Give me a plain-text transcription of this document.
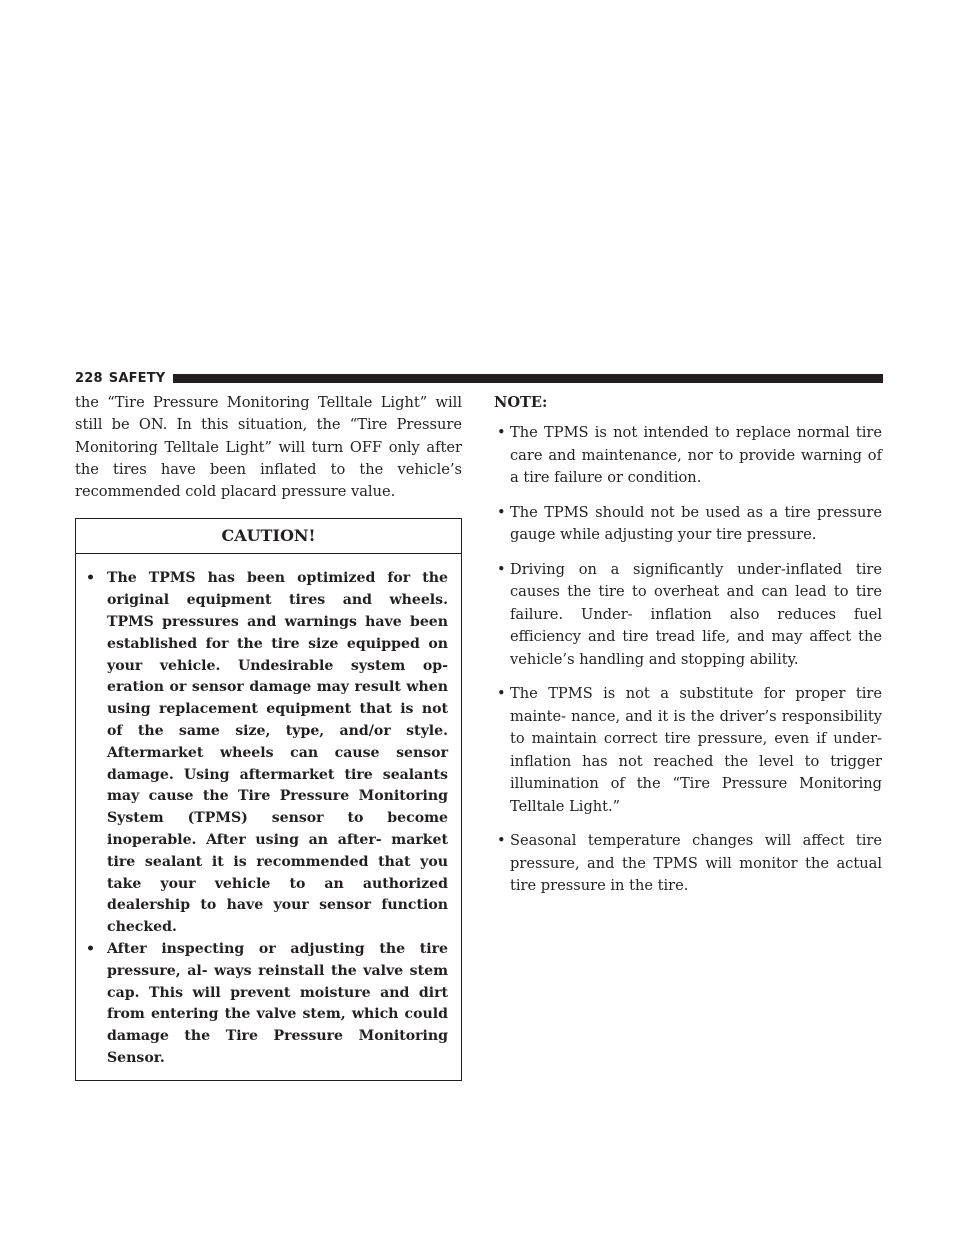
228 SAFETY

the “Tire Pressure Monitoring Telltale Light” will still be ON. In this situation, the “Tire Pressure Monitoring Telltale Light” will turn OFF only after the tires have been inflated to the vehicle’s recommended cold placard pressure value.

CAUTION!
• The TPMS has been optimized for the original equipment tires and wheels. TPMS pressures and warnings have been established for the tire size equipped on your vehicle. Undesirable system op- eration or sensor damage may result when using replacement equipment that is not of the same size, type, and/or style. Aftermarket wheels can cause sensor damage. Using aftermarket tire sealants may cause the Tire Pressure Monitoring System (TPMS) sensor to become inoperable. After using an after- market tire sealant it is recommended that you take your vehicle to an authorized dealership to have your sensor function checked.
• After inspecting or adjusting the tire pressure, al- ways reinstall the valve stem cap. This will prevent moisture and dirt from entering the valve stem, which could damage the Tire Pressure Monitoring Sensor.
NOTE:
• The TPMS is not intended to replace normal tire care and maintenance, nor to provide warning of a tire failure or condition.
• The TPMS should not be used as a tire pressure gauge while adjusting your tire pressure.
• Driving on a significantly under-inflated tire causes the tire to overheat and can lead to tire failure. Under- inflation also reduces fuel efficiency and tire tread life, and may affect the vehicle’s handling and stopping ability.
• The TPMS is not a substitute for proper tire mainte- nance, and it is the driver’s responsibility to maintain correct tire pressure, even if under-inflation has not reached the level to trigger illumination of the “Tire Pressure Monitoring Telltale Light.”
• Seasonal temperature changes will affect tire pressure, and the TPMS will monitor the actual tire pressure in the tire.
